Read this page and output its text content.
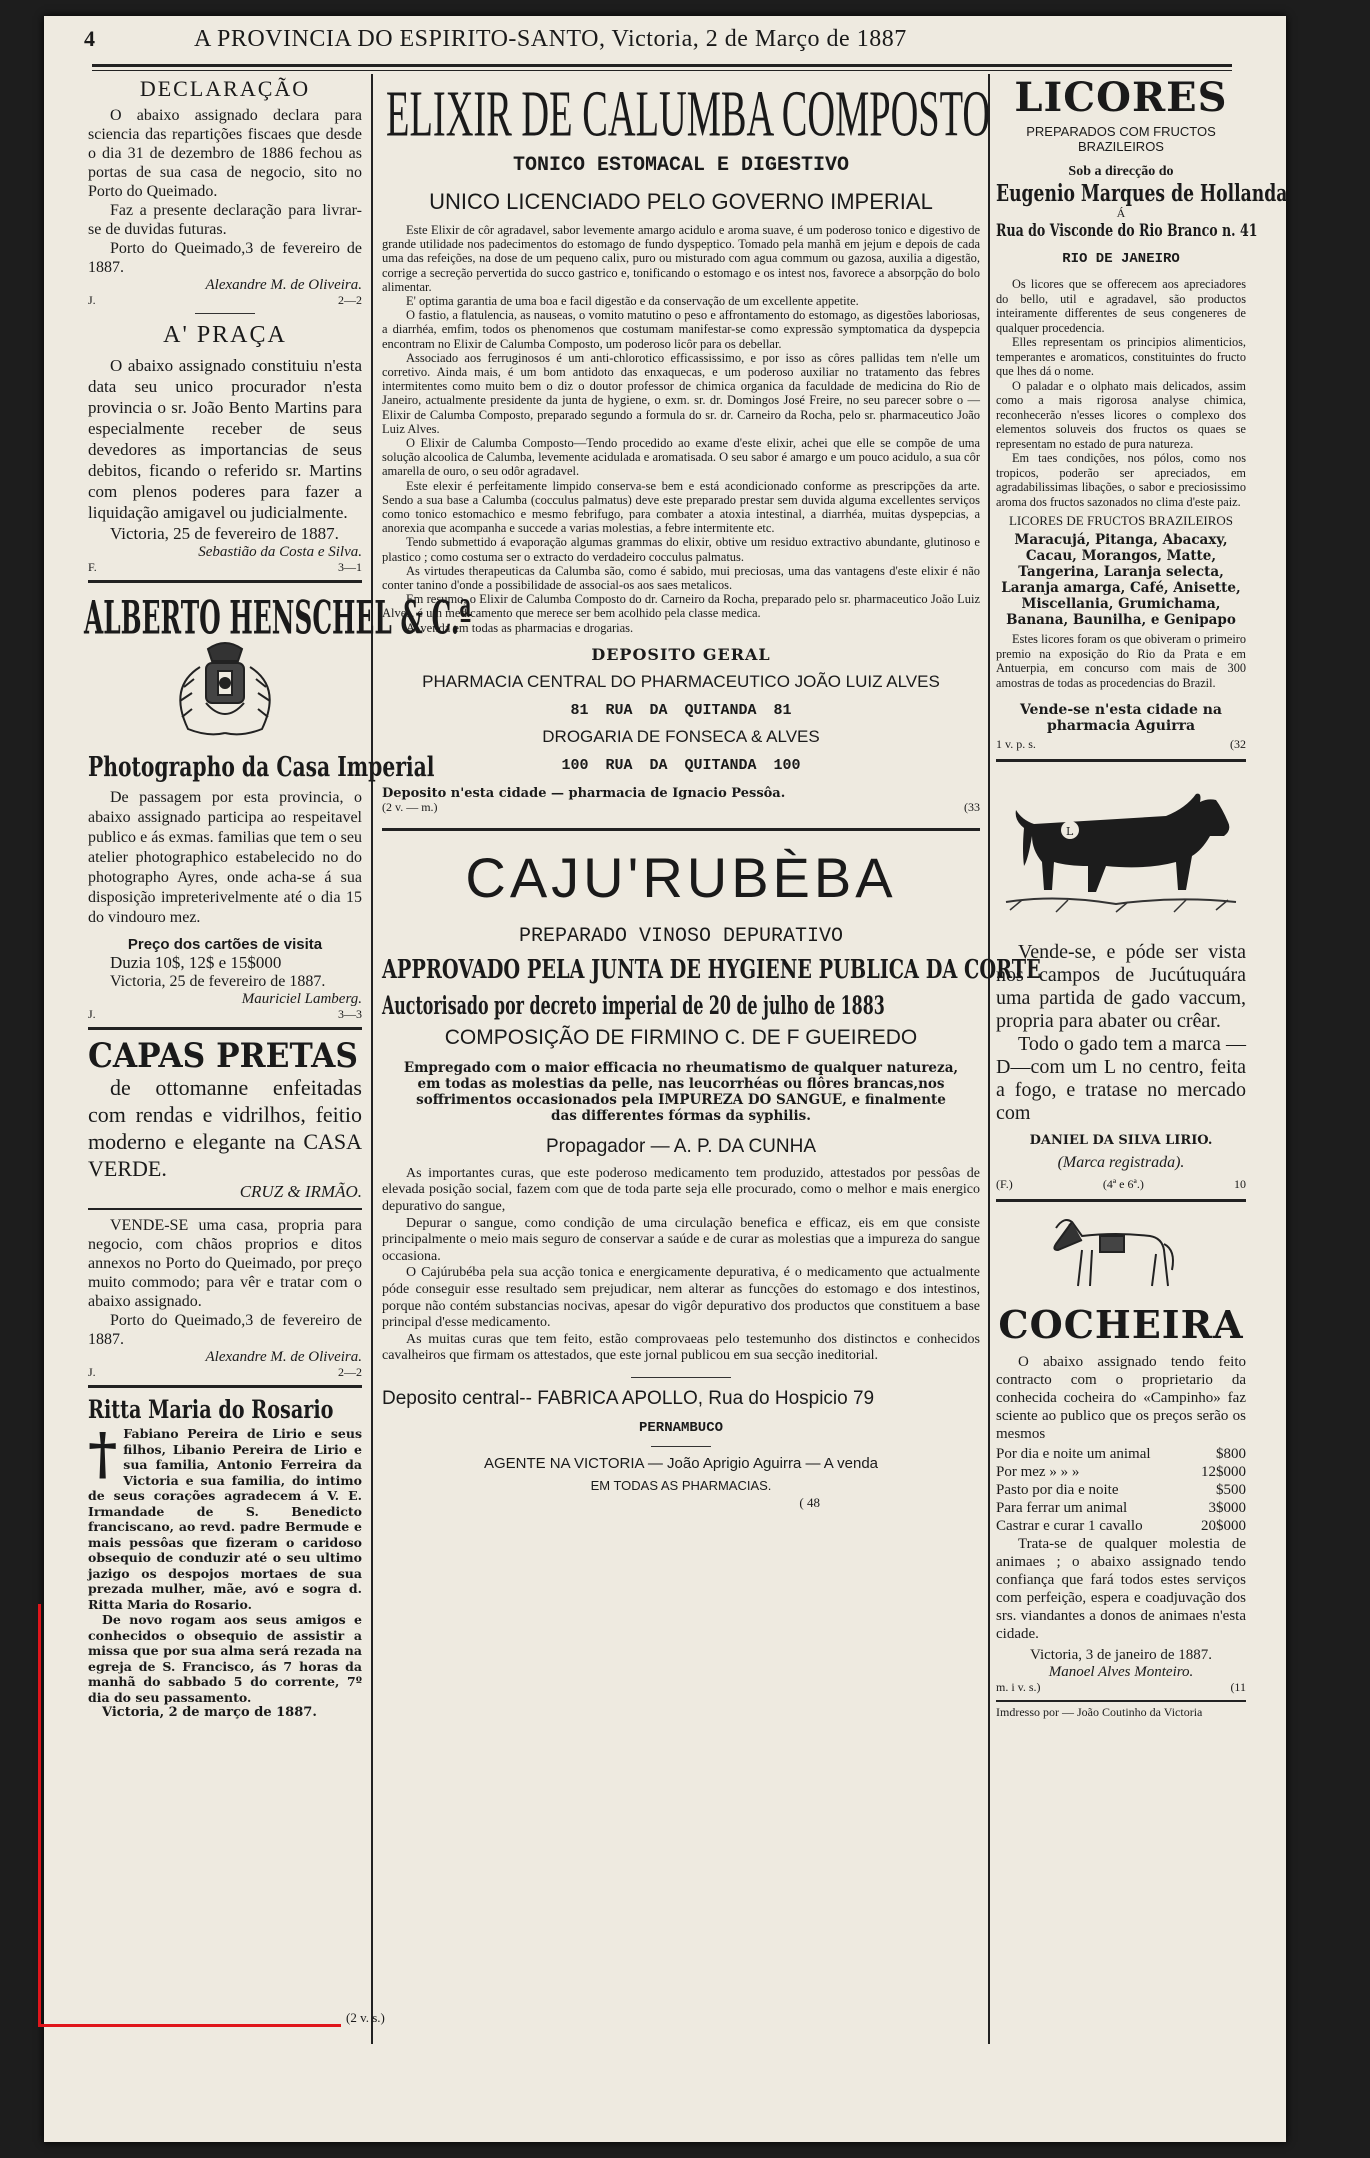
4	A PROVINCIA DO ESPIRITO-SANTO, Victoria, 2 de Março de 1887
DECLARAÇÃO

O abaixo assignado declara para sciencia das repartições fiscaes que desde o dia 31 de dezembro de 1886 fechou as portas de sua casa de negocio, sito no Porto do Queimado.

Faz a presente declaração para livrar-se de duvidas futuras.

Porto do Queimado,3 de fevereiro de 1887.

Alexandre M. de Oliveira.

J.	2—2
A' PRAÇA

O abaixo assignado constituiu n'esta data seu unico procurador n'esta provincia o sr. João Bento Martins para especialmente receber de seus devedores as importancias de seus debitos, ficando o referido sr. Martins com plenos poderes para fazer a liquidação amigavel ou judicialmente.

Victoria, 25 de fevereiro de 1887.

Sebastião da Costa e Silva.

F.	3—1
ALBERTO HENSCHEL & C.ª
Photographo da Casa Imperial

De passagem por esta provincia, o abaixo assignado participa ao respeitavel publico e ás exmas. familias que tem o seu atelier photographico estabelecido no do photographo Ayres, onde acha-se á sua disposição impreterivelmente até o dia 15 do vindouro mez.

Preço dos cartões de visita

Duzia 10$, 12$ e 15$000

Victoria, 25 de fevereiro de 1887.

Mauriciel Lamberg.

J.	3—3
CAPAS PRETAS

de ottomanne enfeitadas com rendas e vidrilhos, feitio moderno e elegante na CASA VERDE.

CRUZ & IRMÃO.

VENDE-SE uma casa, propria para negocio, com chãos proprios e ditos annexos no Porto do Queimado, por preço muito commodo; para vêr e tratar com o abaixo assignado.

Porto do Queimado,3 de fevereiro de 1887.

Alexandre M. de Oliveira.

J.	2—2
Ritta Maria do Rosario

† Fabiano Pereira de Lirio e seus filhos, Libanio Pereira de Lirio e sua familia, Antonio Ferreira da Victoria e sua familia, do intimo de seus corações agradecem á V. E. Irmandade de S. Benedicto franciscano, ao revd. padre Bermude e mais pessôas que fizeram o caridoso obsequio de conduzir até o seu ultimo jazigo os despojos mortaes de sua prezada mulher, mãe, avó e sogra d. Ritta Maria do Rosario.

De novo rogam aos seus amigos e conhecidos o obsequio de assistir a missa que por sua alma será rezada na egreja de S. Francisco, ás 7 horas da manhã do sabbado 5 do corrente, 7º dia do seu passamento.

Victoria, 2 de março de 1887.

(2 v. s.)
ELIXIR DE CALUMBA COMPOSTO
TONICO ESTOMACAL E DIGESTIVO
UNICO LICENCIADO PELO GOVERNO IMPERIAL

Este Elixir de côr agradavel, sabor levemente amargo acidulo e aroma suave, é um poderoso tonico e digestivo de grande utilidade nos padecimentos do estomago de fundo dyspeptico. Tomado pela manhã em jejum e depois de cada uma das refeições, na dose de um pequeno calix, puro ou misturado com agua commum ou gazosa, auxilia a digestão, corrige a secreção pervertida do succo gastrico e, tonificando o estomago e os intest nos, favorece a absorpção do bolo alimentar.

E' optima garantia de uma boa e facil digestão e da conservação de um excellente appetite.

O fastio, a flatulencia, as nauseas, o vomito matutino o peso e affrontamento do estomago, as digestões laboriosas, a diarrhéa, emfim, todos os phenomenos que costumam manifestar-se como expressão symptomatica da dyspepcia encontram no Elixir de Calumba Composto, um poderoso licôr para os debellar.

Associado aos ferruginosos é um anti-chlorotico efficassissimo, e por isso as côres pallidas tem n'elle um corretivo. Ainda mais, é um bom antidoto das enxaquecas, e um poderoso auxiliar no tratamento das febres intermitentes como muito bem o diz o doutor professor de chimica organica da faculdade de medicina do Rio de Janeiro, actualmente presidente da junta de hygiene, o exm. sr. dr. Domingos José Freire, no seu parecer sobre o — Elixir de Calumba Composto, preparado segundo a formula do sr. dr. Carneiro da Rocha, pelo sr. pharmaceutico João Luiz Alves.

O Elixir de Calumba Composto—Tendo procedido ao exame d'este elixir, achei que elle se compõe de uma solução alcoolica de Calumba, levemente acidulada e aromatisada. O seu sabor é amargo e um pouco acidulo, a sua côr amarella de ouro, o seu odôr agradavel.

Este elexir é perfeitamente limpido conserva-se bem e está acondicionado conforme as prescripções da arte. Sendo a sua base a Calumba (cocculus palmatus) deve este preparado prestar sem duvida alguma excellentes serviços como tonico estomachico e mesmo febrifugo, para combater a atoxia intestinal, a diarrhéa, muitas dyspepcias, a anorexia que acompanha e succede a varias molestias, a febre intermitente etc.

Tendo submettido á evaporação algumas grammas do elixir, obtive um residuo extractivo abundante, glutinoso e plastico ; como costuma ser o extracto do verdadeiro cocculus palmatus.

As virtudes therapeuticas da Calumba são, como é sabido, mui preciosas, uma das vantagens d'este elixir é não conter tanino d'onde a possibilidade de associal-os aos saes metalicos.

Em resumo, o Elixir de Calumba Composto do dr. Carneiro da Rocha, preparado pelo sr. pharmaceutico João Luiz Alves, é um medicamento que merece ser bem acolhido pela classe medica.

A' venda em todas as pharmacias e drogarias.

DEPOSITO GERAL
PHARMACIA CENTRAL DO PHARMACEUTICO JOÃO LUIZ ALVES
81 RUA DA QUITANDA 81
DROGARIA DE FONSECA & ALVES
100 RUA DA QUITANDA 100
Deposito n'esta cidade — pharmacia de Ignacio Pessôa.
(2 v. — m.)	(33
CAJU'RUBÈBA
PREPARADO VINOSO DEPURATIVO
APPROVADO PELA JUNTA DE HYGIENE PUBLICA DA CORTE
Auctorisado por decreto imperial de 20 de julho de 1883
COMPOSIÇÃO DE FIRMINO C. DE F GUEIREDO

Empregado com o maior efficacia no rheumatismo de qualquer natureza, em todas as molestias da pelle, nas leucorrhéas ou flôres brancas,nos soffrimentos occasionados pela IMPUREZA DO SANGUE, e finalmente das differentes fórmas da syphilis.

Propagador — A. P. DA CUNHA

As importantes curas, que este poderoso medicamento tem produzido, attestados por pessôas de elevada posição social, fazem com que de toda parte seja elle procurado, como o melhor e mais energico depurativo do sangue,

Depurar o sangue, como condição de uma circulação benefica e efficaz, eis em que consiste principalmente o meio mais seguro de conservar a saúde e de curar as molestias que a impureza do sangue occasiona.

O Cajúrubéba pela sua acção tonica e energicamente depurativa, é o medicamento que actualmente póde conseguir esse resultado sem prejudicar, nem alterar as funcções do estomago e dos intestinos, porque não contém substancias nocivas, apesar do vigôr depurativo dos productos que constituem a base principal d'esse medicamento.

As muitas curas que tem feito, estão comprovaeas pelo testemunho dos distinctos e conhecidos cavalheiros que firmam os attestados, que este jornal publicou em sua secção ineditorial.

Deposito central-- FABRICA APOLLO, Rua do Hospicio 79
PERNAMBUCO
AGENTE NA VICTORIA — João Aprigio Aguirra — A venda
EM TODAS AS PHARMACIAS.
( 48
LICORES
PREPARADOS COM FRUCTOS BRAZILEIROS
Sob a direcção do
Eugenio Marques de Hollanda
Á
Rua do Visconde do Rio Branco n. 41
RIO DE JANEIRO

Os licores que se offerecem aos apreciadores do bello, util e agradavel, são productos inteiramente differentes de seus congeneres de qualquer procedencia.

Elles representam os principios alimenticios, temperantes e aromaticos, constituintes do fructo que lhes dá o nome.

O paladar e o olphato mais delicados, assim como a mais rigorosa analyse chimica, reconhecerão n'esses licores o complexo dos elementos soluveis dos fructos os quaes se representam no estado de pura natureza.

Em taes condições, nos pólos, como nos tropicos, poderão ser apreciados, em agradabilissimas libações, o sabor e preciosissimo aroma dos fructos sazonados no clima d'este paiz.

LICORES DE FRUCTOS BRAZILEIROS

Maracujá, Pitanga, Abacaxy, Cacau, Morangos, Matte, Tangerina, Laranja selecta, Laranja amarga, Café, Anisette, Miscellania, Grumichama, Banana, Baunilha, e Genipapo

Estes licores foram os que obiveram o primeiro premio na exposição do Rio da Prata e em Antuerpia, em concurso com mais de 300 amostras de todas as procedencias do Brazil.

Vende-se n'esta cidade na pharmacia Aguirra

1 v. p. s.	(32
L

Vende-se, e póde ser vista nos campos de Jucútuquára uma partida de gado vaccum, propria para abater ou crêar.

Todo o gado tem a marca —D—com um L no centro, feita a fogo, e tratase no mercado com

DANIEL DA SILVA LIRIO.

(Marca registrada).

(F.)	(4ª e 6ª.)	10
COCHEIRA

O abaixo assignado tendo feito contracto com o proprietario da conhecida cocheira do «Campinho» faz sciente ao publico que os preços serão os mesmos

Por dia e noite um animal	$800
Por mez » » »	12$000
Pasto por dia e noite	$500
Para ferrar um animal	3$000
Castrar e curar 1 cavallo	20$000

Trata-se de qualquer molestia de animaes ; o abaixo assignado tendo confiança que fará todos estes serviços com perfeição, espera e coadjuvação dos srs. viandantes a donos de animaes n'esta cidade.

Victoria, 3 de janeiro de 1887.

Manoel Alves Monteiro.

m. i v. s.)	(11
Imdresso por — João Coutinho da Victoria
